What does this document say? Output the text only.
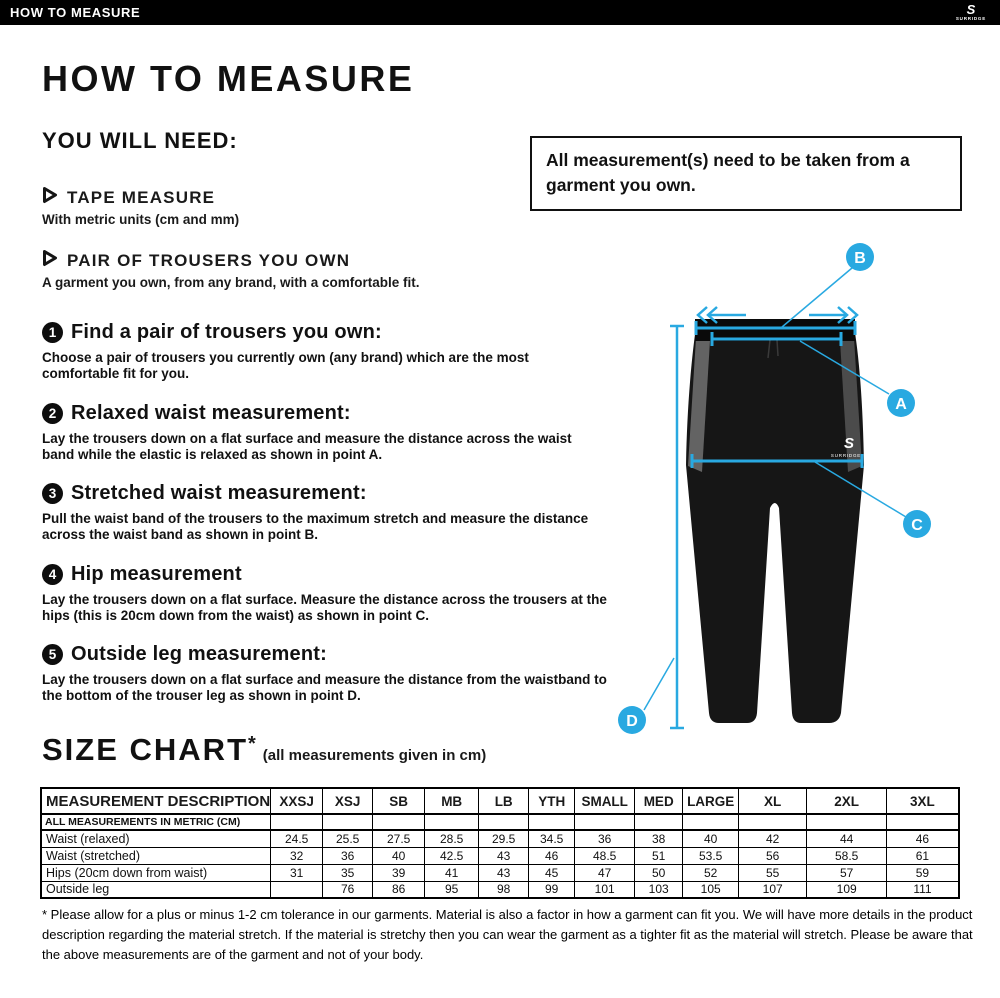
HOW TO MEASURE	S
SURRIDGE
HOW TO MEASURE
YOU WILL NEED:
All measurement(s) need to be taken from a garment you own.
TAPE MEASURE
With metric units (cm and mm)
PAIR OF TROUSERS YOU OWN
A garment you own, from any brand, with a comfortable fit.
1 Find a pair of trousers you own:
Choose a pair of trousers you currently own (any brand) which are the most comfortable fit for you.
2 Relaxed waist measurement:
Lay the trousers down on a flat surface and measure the distance across the waist band while the elastic is relaxed as shown in point A.
3 Stretched waist measurement:
Pull the waist band of the trousers to the maximum stretch and measure the distance across the waist band as shown in point B.
4 Hip measurement
Lay the trousers down on a flat surface. Measure the distance across the trousers at the hips (this is 20cm down from the waist) as shown in point C.
5 Outside leg measurement:
Lay the trousers down on a flat surface and measure the distance from the waistband to the bottom of the trouser leg as shown in point D.
S
SURRIDGE
B
A
C
D
SIZE CHART *
(all measurements given in cm)
MEASUREMENT DESCRIPTION	XXSJ	XSJ	SB	MB	LB	YTH	SMALL	MED	LARGE	XL	2XL	3XL
ALL MEASUREMENTS IN METRIC (CM)												
Waist (relaxed)	24.5	25.5	27.5	28.5	29.5	34.5	36	38	40	42	44	46
Waist (stretched)	32	36	40	42.5	43	46	48.5	51	53.5	56	58.5	61
Hips (20cm down from waist)	31	35	39	41	43	45	47	50	52	55	57	59
Outside leg		76	86	95	98	99	101	103	105	107	109	111
* Please allow for a plus or minus 1-2 cm tolerance in our garments. Material is also a factor in how a garment can fit you. We will have more details in the product description regarding the material stretch. If the material is stretchy then you can wear the garment as a tighter fit as the material will stretch. Please be aware that the above measurements are of the garment and not of your body.
